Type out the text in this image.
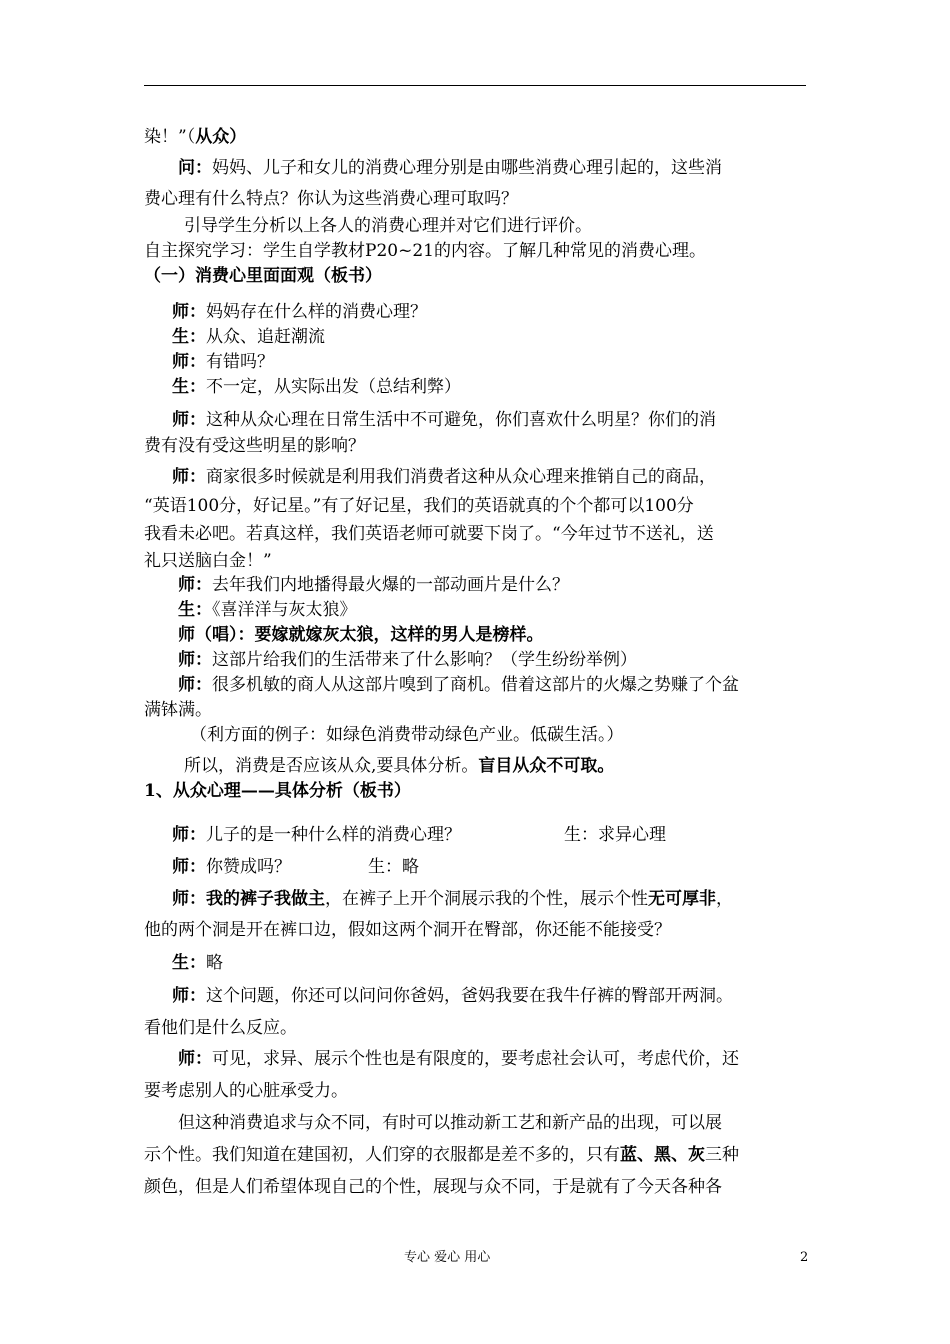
染！”（从众）
问：妈妈、儿子和女儿的消费心理分别是由哪些消费心理引起的，这些消
费心理有什么特点？你认为这些消费心理可取吗？
引导学生分析以上各人的消费心理并对它们进行评价。
自主探究学习：学生自学教材P20~21的内容。了解几种常见的消费心理。
（一）消费心里面面观（板书）
师：妈妈存在什么样的消费心理？
生：从众、追赶潮流
师：有错吗？
生：不一定，从实际出发（总结利弊）
师：这种从众心理在日常生活中不可避免，你们喜欢什么明星？你们的消
费有没有受这些明星的影响？
师：商家很多时候就是利用我们消费者这种从众心理来推销自己的商品，
“英语100分，好记星。”有了好记星，我们的英语就真的个个都可以100分
我看未必吧。若真这样，我们英语老师可就要下岗了。“今年过节不送礼，送
礼只送脑白金！”
师：去年我们内地播得最火爆的一部动画片是什么？
生：《喜洋洋与灰太狼》
师（唱）：要嫁就嫁灰太狼，这样的男人是榜样。
师：这部片给我们的生活带来了什么影响？（学生纷纷举例）
师：很多机敏的商人从这部片嗅到了商机。借着这部片的火爆之势赚了个盆
满钵满。
（利方面的例子：如绿色消费带动绿色产业。低碳生活。）
所以，消费是否应该从众,要具体分析。盲目从众不可取。
1、从众心理——具体分析（板书）
师：儿子的是一种什么样的消费心理？	生：求异心理
师：你赞成吗？	生：略
师：我的裤子我做主，在裤子上开个洞展示我的个性，展示个性无可厚非，
他的两个洞是开在裤口边，假如这两个洞开在臀部，你还能不能接受？
生：略
师：这个问题，你还可以问问你爸妈，爸妈我要在我牛仔裤的臀部开两洞。
看他们是什么反应。
师：可见，求异、展示个性也是有限度的，要考虑社会认可，考虑代价，还
要考虑别人的心脏承受力。
但这种消费追求与众不同，有时可以推动新工艺和新产品的出现，可以展
示个性。我们知道在建国初，人们穿的衣服都是差不多的，只有蓝、黑、灰三种
颜色，但是人们希望体现自己的个性，展现与众不同，于是就有了今天各种各
专心 爱心 用心	2
